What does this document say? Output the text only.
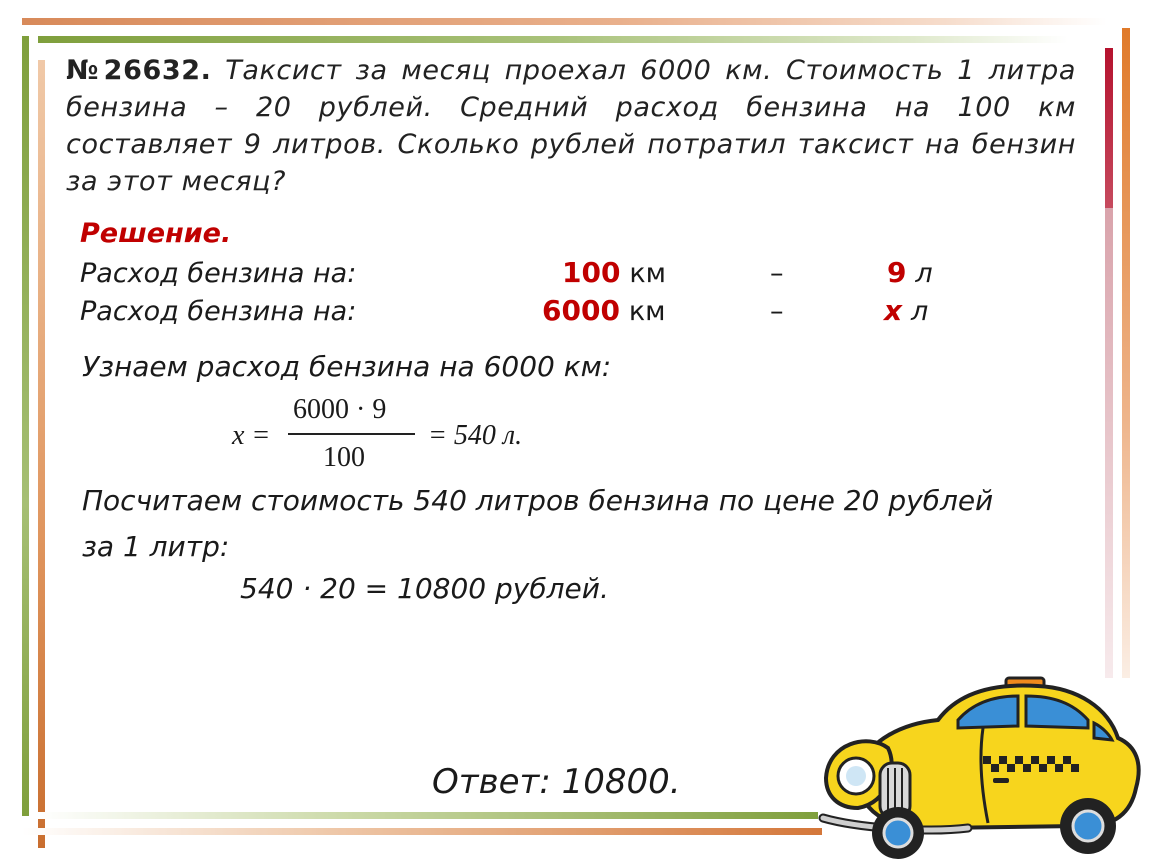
№26632. Таксист за месяц проехал 6000 км. Стоимость 1 литра бензина – 20 рублей. Средний расход бензина на 100 км составляет 9 литров. Сколько рублей потратил таксист на бензин за этот месяц?
Решение.
Расход бензина на:	100 км	–	9 л
Расход бензина на:	6000 км	–	x л
Узнаем расход бензина на 6000 км:
x =
6000 · 9
100
= 540 л.
Посчитаем стоимость 540 литров бензина по цене 20 рублей
за 1 литр:
540 · 20 = 10800 рублей.
Ответ: 10800.
